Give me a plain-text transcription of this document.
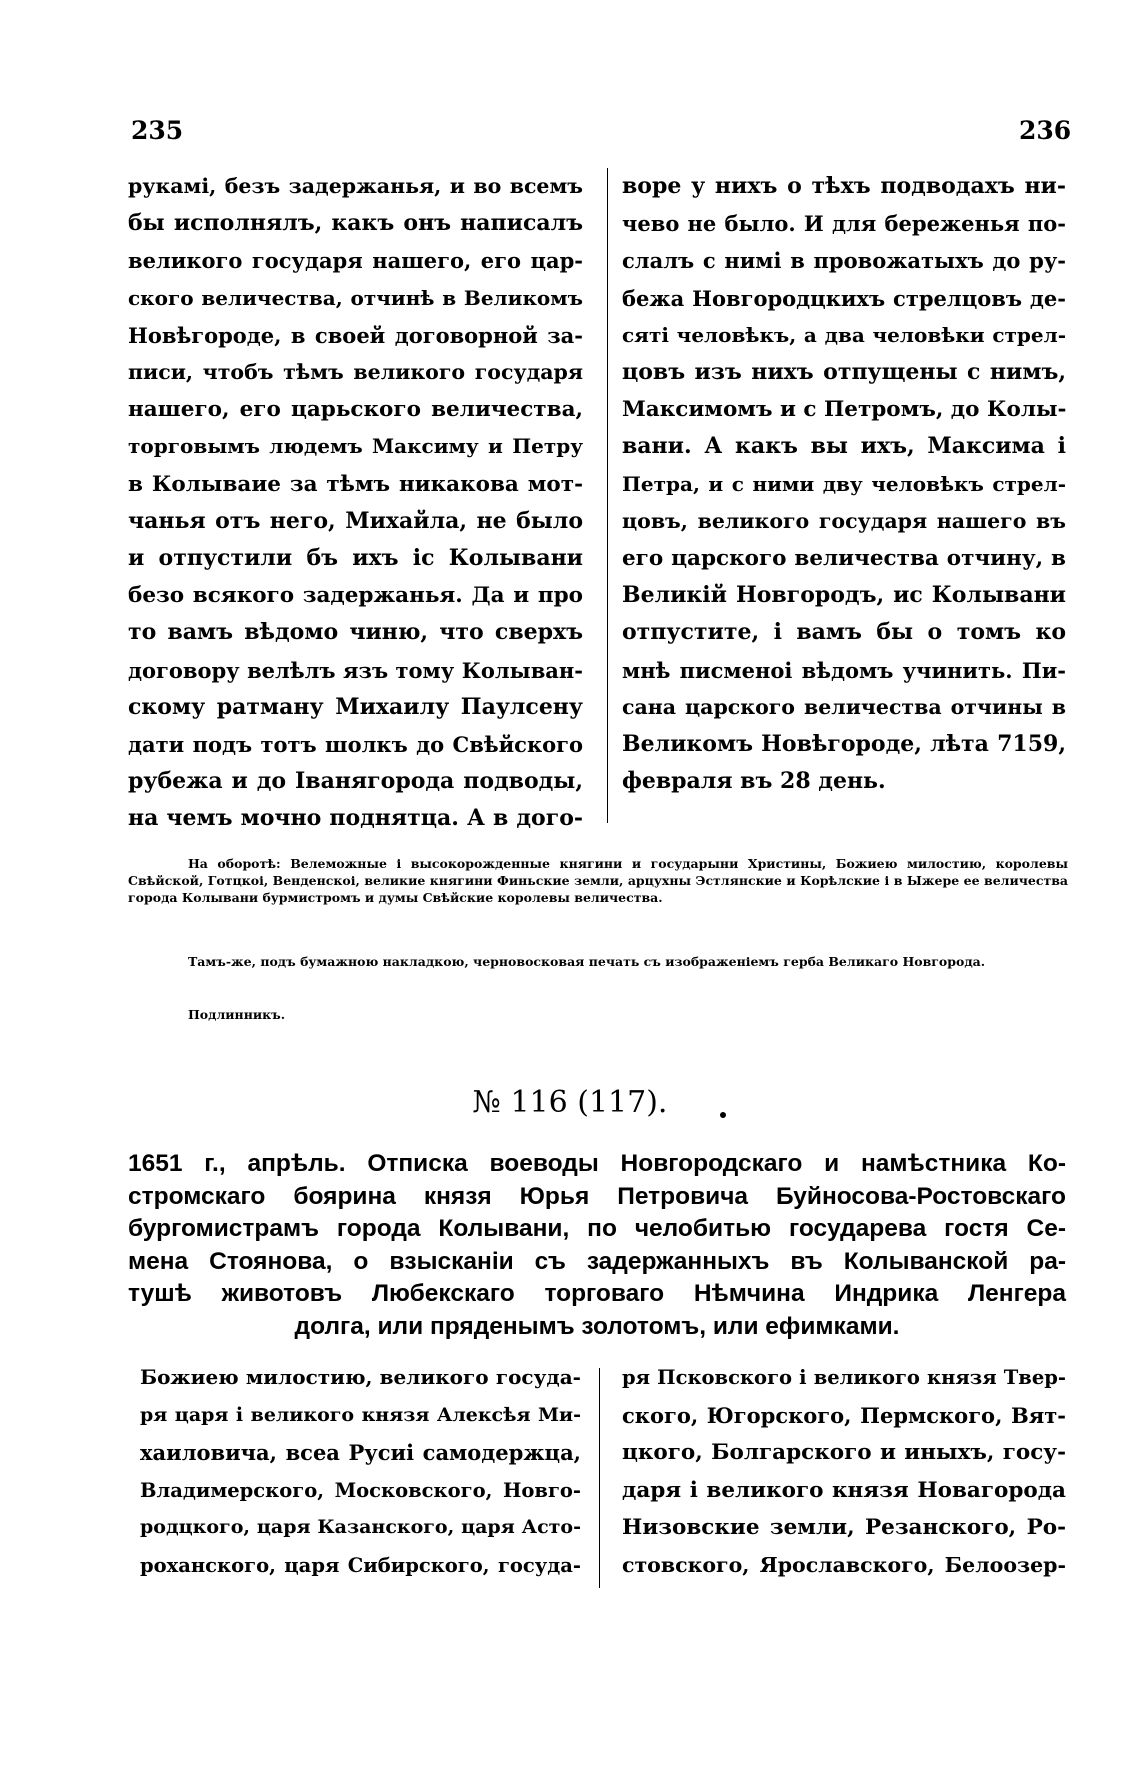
235	236
рукамі, безъ задержанья, и во всемъ
бы исполнялъ, какъ онъ написалъ
великого государя нашего, его цар-
ского величества, отчинѣ в Великомъ
Новѣгороде, в своей договорной за-
писи, чтобъ тѣмъ великого государя
нашего, его царьского величества,
торговымъ людемъ Максиму и Петру
в Колываие за тѣмъ никакова мот-
чанья отъ него, Михайла, не было
и отпустили бъ ихъ іс Колывани
безо всякого задержанья. Да и про
то вамъ вѣдомо чиню, что сверхъ
договору велѣлъ язъ тому Колыван-
скому ратману Михаилу Паулсену
дати подъ тотъ шолкъ до Свѣйского
рубежа и до Іванягорода подводы,
на чемъ мочно поднятца. А в дого-
воре у нихъ о тѣхъ подводахъ ни-
чево не было. И для береженья по-
слалъ с нимі в провожатыхъ до ру-
бежа Новгородцкихъ стрелцовъ де-
сяті человѣкъ, а два человѣки стрел-
цовъ изъ нихъ отпущены с нимъ,
Максимомъ и с Петромъ, до Колы-
вани. А какъ вы ихъ, Максима і
Петра, и с ними дву человѣкъ стрел-
цовъ, великого государя нашего въ
его царского величества отчину, в
Великій Новгородъ, ис Колывани
отпустите, і вамъ бы о томъ ко
мнѣ писменоі вѣдомъ учинить. Пи-
сана царского величества отчины в
Великомъ Новѣгороде, лѣта 7159,
февраля въ 28 день.

На оборотѣ: Велеможные і высокорожденные княгини и государыни Христины, Божиею милостию, королевы Свѣйской, Готцкоі, Венденскоі, великие княгини Финьские земли, арцухны Эстлянские и Корѣлские і в Ыжере ее величества города Колывани бурмистромъ и думы Свѣйские королевы величества.

Тамъ-же, подъ бумажною накладкою, черновосковая печать съ изображеніемъ герба Великаго Новгорода.

Подлинникъ.
№ 116 (117).
1651 г., апрѣль. Отписка воеводы Новгородскаго и намѣстника Ко-
стромскаго боярина князя Юрья Петровича Буйносова-Ростовскаго
бургомистрамъ города Колывани, по челобитью государева гостя Се-
мена Стоянова, о взысканіи съ задержанныхъ въ Колыванской ра-
тушѣ животовъ Любекскаго торговаго Нѣмчина Индрика Ленгера
долга, или пряденымъ золотомъ, или ефимками.
Божиею милостию, великого госуда-
ря царя і великого князя Алексѣя Ми-
хаиловича, всеа Русиі самодержца,
Владимерского, Московского, Новго-
родцкого, царя Казанского, царя Асто-
роханского, царя Сибирского, госуда-
ря Псковского і великого князя Твер-
ского, Югорского, Пермского, Вят-
цкого, Болгарского и иныхъ, госу-
даря і великого князя Новагорода
Низовские земли, Резанского, Ро-
стовского, Ярославского, Белоозер-
